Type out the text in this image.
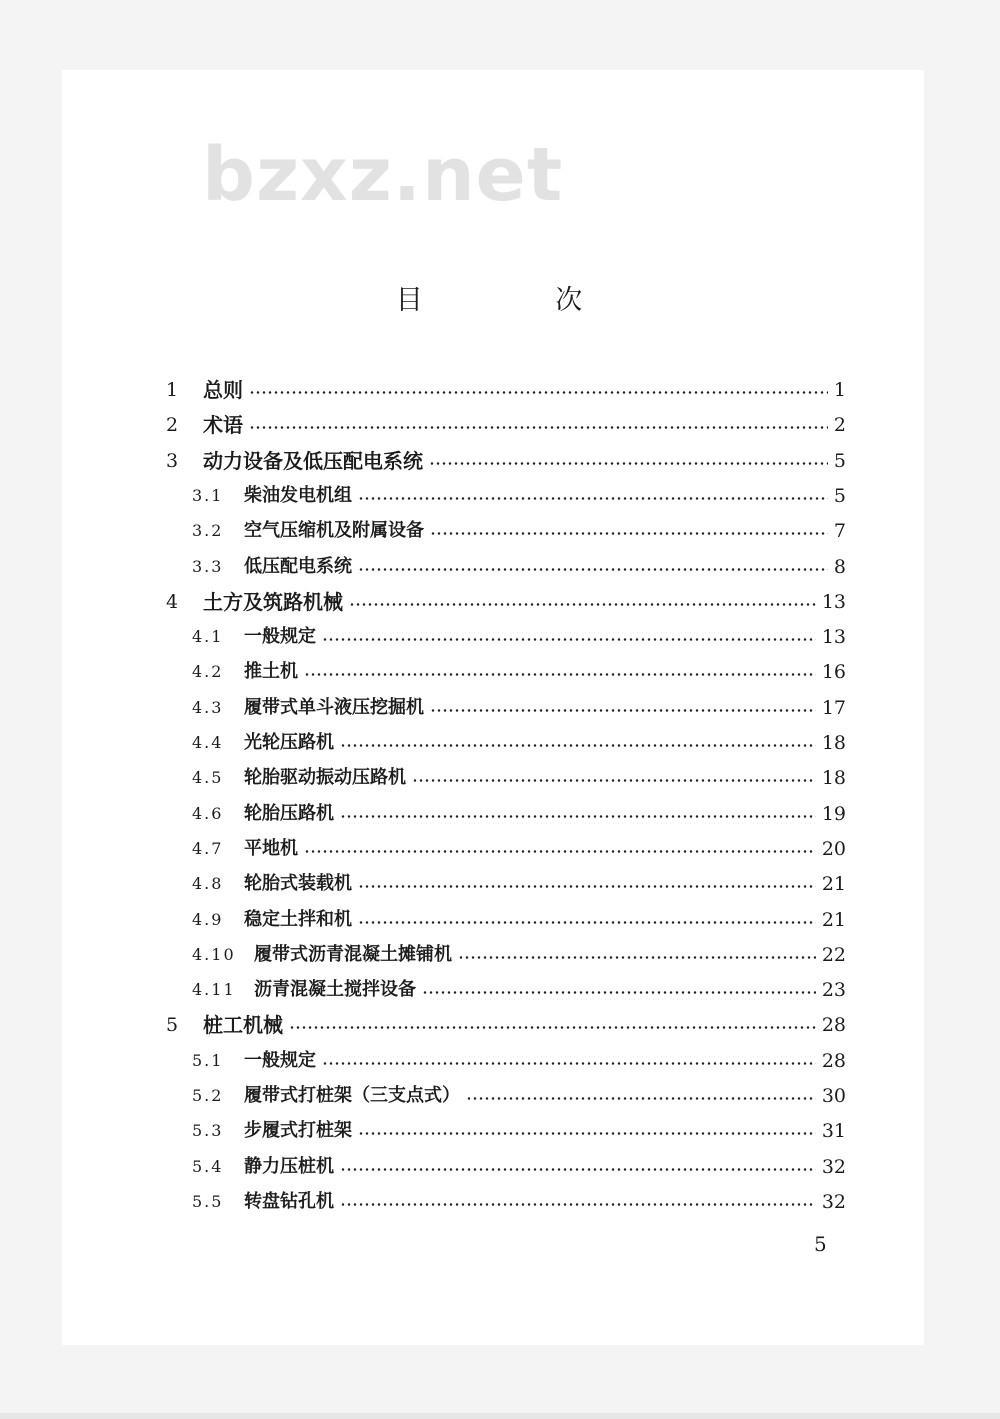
bzxz.net
目 次
1	总则	1
2	术语	2
3	动力设备及低压配电系统	5
3.1	柴油发电机组	5
3.2	空气压缩机及附属设备	7
3.3	低压配电系统	8
4	土方及筑路机械	13
4.1	一般规定	13
4.2	推土机	16
4.3	履带式单斗液压挖掘机	17
4.4	光轮压路机	18
4.5	轮胎驱动振动压路机	18
4.6	轮胎压路机	19
4.7	平地机	20
4.8	轮胎式装载机	21
4.9	稳定土拌和机	21
4.10	履带式沥青混凝土摊铺机	22
4.11	沥青混凝土搅拌设备	23
5	桩工机械	28
5.1	一般规定	28
5.2	履带式打桩架（三支点式）	30
5.3	步履式打桩架	31
5.4	静力压桩机	32
5.5	转盘钻孔机	32
5
